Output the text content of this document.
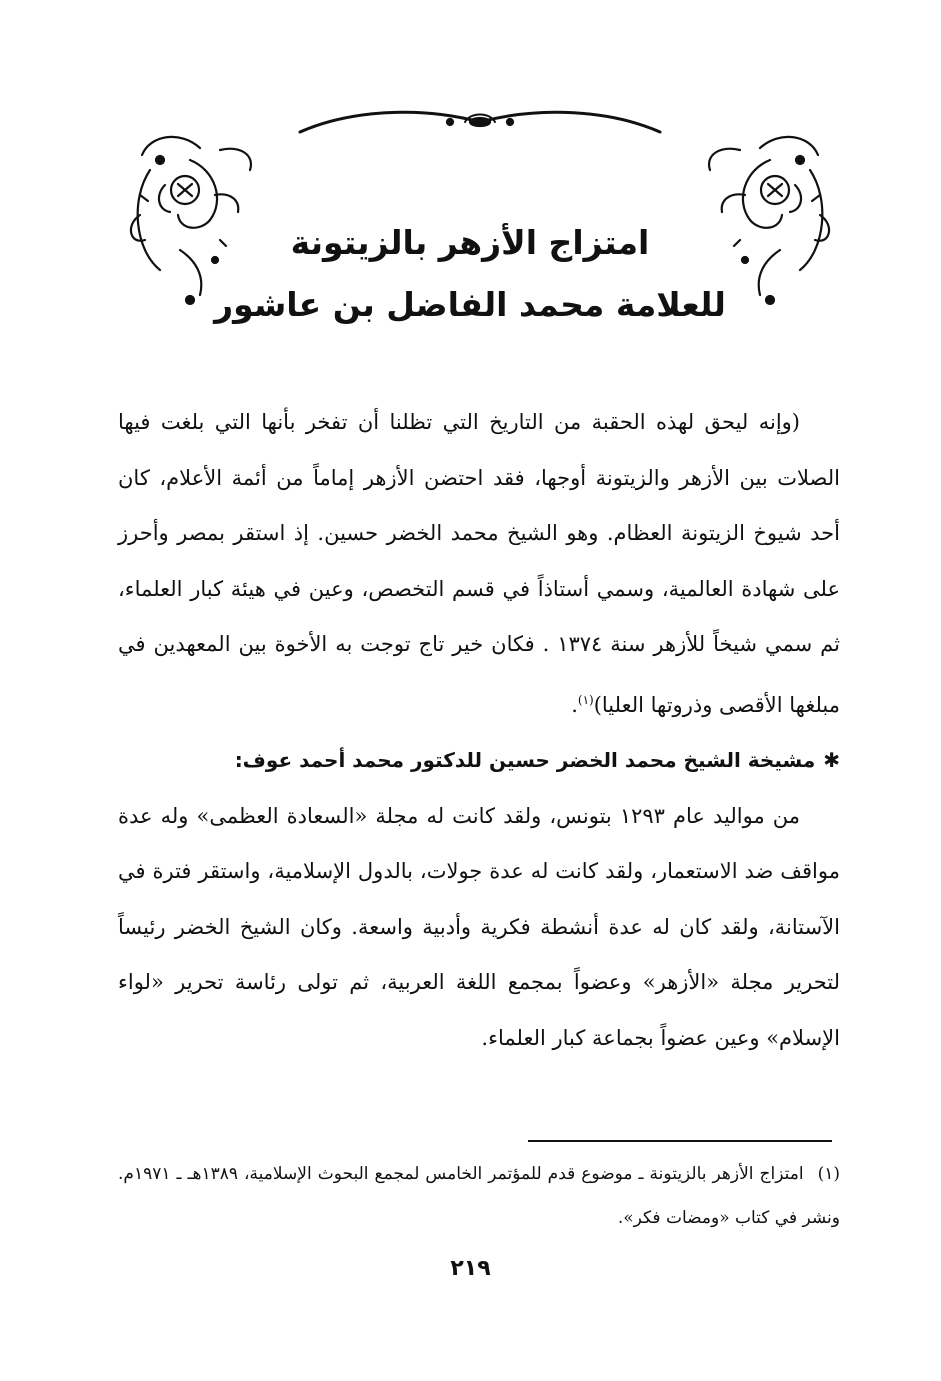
امتزاج الأزهر بالزيتونة
للعلامة محمد الفاضل بن عاشور

(وإنه ليحق لهذه الحقبة من التاريخ التي تظلنا أن تفخر بأنها التي بلغت فيها الصلات بين الأزهر والزيتونة أوجها، فقد احتضن الأزهر إماماً من أئمة الأعلام، كان أحد شيوخ الزيتونة العظام. وهو الشيخ محمد الخضر حسين. إذ استقر بمصر وأحرز على شهادة العالمية، وسمي أستاذاً في قسم التخصص، وعين في هيئة كبار العلماء، ثم سمي شيخاً للأزهر سنة ١٣٧٤ . فكان خير تاج توجت به الأخوة بين المعهدين في مبلغها الأقصى وذروتها العليا)$^{(١)}$.

✱مشيخة الشيخ محمد الخضر حسين للدكتور محمد أحمد عوف:

من مواليد عام ١٢٩٣ بتونس، ولقد كانت له مجلة «السعادة العظمى» وله عدة مواقف ضد الاستعمار، ولقد كانت له عدة جولات، بالدول الإسلامية، واستقر فترة في الآستانة، ولقد كان له عدة أنشطة فكرية وأدبية واسعة. وكان الشيخ الخضر رئيساً لتحرير مجلة «الأزهر» وعضواً بمجمع اللغة العربية، ثم تولى رئاسة تحرير «لواء الإسلام» وعين عضواً بجماعة كبار العلماء.

(١)امتزاج الأزهر بالزيتونة ـ موضوع قدم للمؤتمر الخامس لمجمع البحوث الإسلامية، ١٣٨٩هـ ـ ١٩٧١م. ونشر في كتاب «ومضات فكر».

٢١٩
